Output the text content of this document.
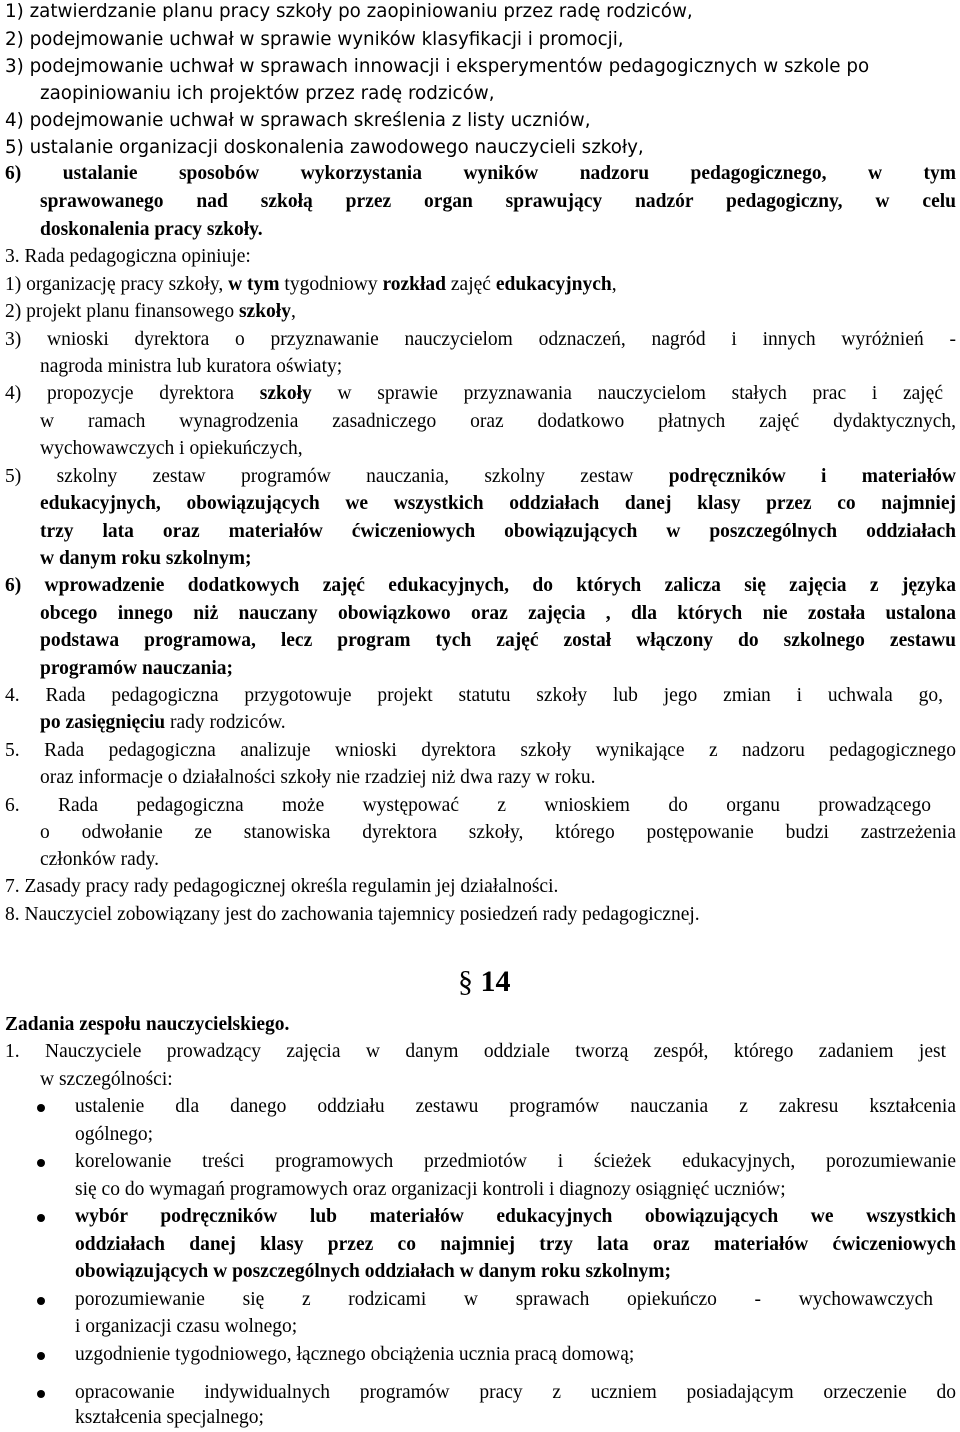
1) zatwierdzanie planu pracy szkoły po zaopiniowaniu przez radę rodziców,
2) podejmowanie uchwał w sprawie wyników klasyfikacji i promocji,
3) podejmowanie uchwał w sprawach innowacji i eksperymentów pedagogicznych w szkole po
zaopiniowaniu ich projektów przez radę rodziców,
4) podejmowanie uchwał w sprawach skreślenia z listy uczniów,
5) ustalanie organizacji doskonalenia zawodowego nauczycieli szkoły,
6) ustalanie sposobów wykorzystania wyników nadzoru pedagogicznego, w tym
sprawowanego nad szkołą przez organ sprawujący nadzór pedagogiczny, w celu
doskonalenia pracy szkoły.
3. Rada pedagogiczna opiniuje:
1) organizację pracy szkoły, w tym tygodniowy rozkład zajęć edukacyjnych,
2) projekt planu finansowego szkoły,
3) wnioski dyrektora o przyznawanie nauczycielom odznaczeń, nagród i innych wyróżnień -
nagroda ministra lub kuratora oświaty;
4) propozycje dyrektora szkoły w sprawie przyznawania nauczycielom stałych prac i zajęć
w ramach wynagrodzenia zasadniczego oraz dodatkowo płatnych zajęć dydaktycznych,
wychowawczych i opiekuńczych,
5) szkolny zestaw programów nauczania, szkolny zestaw podręczników i materiałów
edukacyjnych, obowiązujących we wszystkich oddziałach danej klasy przez co najmniej
trzy lata oraz materiałów ćwiczeniowych obowiązujących w poszczególnych oddziałach
w danym roku szkolnym;
6) wprowadzenie dodatkowych zajęć edukacyjnych, do których zalicza się zajęcia z języka
obcego innego niż nauczany obowiązkowo oraz zajęcia , dla których nie została ustalona
podstawa programowa, lecz program tych zajęć został włączony do szkolnego zestawu
programów nauczania;
4. Rada pedagogiczna przygotowuje projekt statutu szkoły lub jego zmian i uchwala go,
po zasięgnięciu rady rodziców.
5. Rada pedagogiczna analizuje wnioski dyrektora szkoły wynikające z nadzoru pedagogicznego
oraz informacje o działalności szkoły nie rzadziej niż dwa razy w roku.
6. Rada pedagogiczna może występować z wnioskiem do organu prowadzącego
o odwołanie ze stanowiska dyrektora szkoły, którego postępowanie budzi zastrzeżenia
członków rady.
7. Zasady pracy rady pedagogicznej określa regulamin jej działalności.
8. Nauczyciel zobowiązany jest do zachowania tajemnicy posiedzeń rady pedagogicznej.
§ 14
Zadania zespołu nauczycielskiego.
1. Nauczyciele prowadzący zajęcia w danym oddziale tworzą zespół, którego zadaniem jest
w szczególności:
ustalenie dla danego oddziału zestawu programów nauczania z zakresu kształcenia
ogólnego;
korelowanie treści programowych przedmiotów i ścieżek edukacyjnych, porozumiewanie
się co do wymagań programowych oraz organizacji kontroli i diagnozy osiągnięć uczniów;
wybór podręczników lub materiałów edukacyjnych obowiązujących we wszystkich
oddziałach danej klasy przez co najmniej trzy lata oraz materiałów ćwiczeniowych
obowiązujących w poszczególnych oddziałach w danym roku szkolnym;
porozumiewanie się z rodzicami w sprawach opiekuńczo - wychowawczych
i organizacji czasu wolnego;
uzgodnienie tygodniowego, łącznego obciążenia ucznia pracą domową;
opracowanie indywidualnych programów pracy z uczniem posiadającym orzeczenie do
kształcenia specjalnego;
